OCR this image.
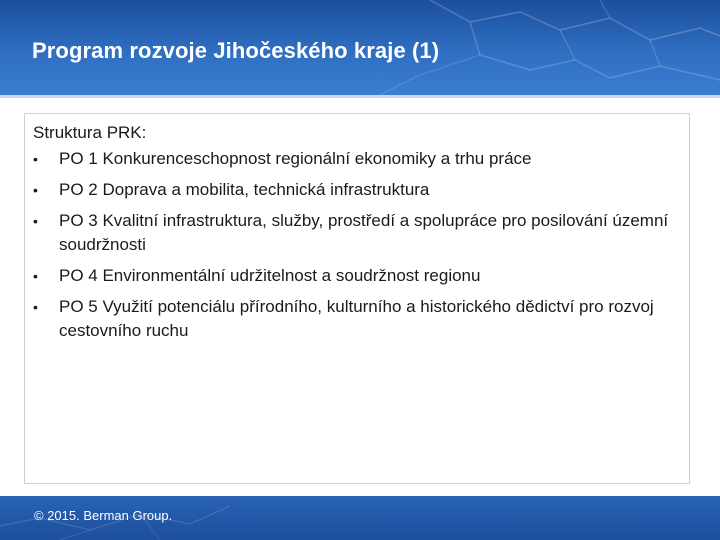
Program rozvoje Jihočeského kraje (1)

Struktura PRK:

•	PO 1 Konkurenceschopnost regionální ekonomiky a trhu práce
•	PO 2 Doprava a mobilita, technická infrastruktura
•	PO 3 Kvalitní infrastruktura, služby, prostředí a spolupráce pro posilování územní soudržnosti
•	PO 4 Environmentální udržitelnost a soudržnost regionu
•	PO 5 Využití potenciálu přírodního, kulturního a historického dědictví pro rozvoj cestovního ruchu

© 2015. Berman Group.
